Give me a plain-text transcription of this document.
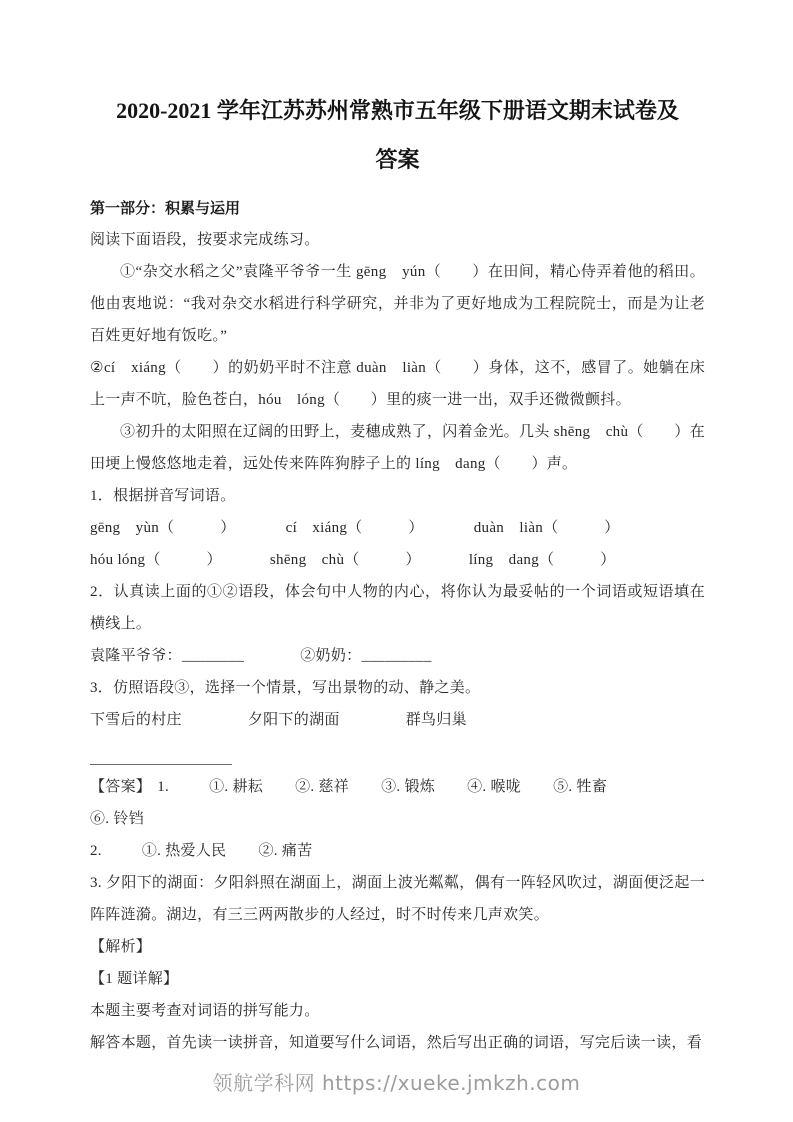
2020-2021 学年江苏苏州常熟市五年级下册语文期末试卷及
答案

第一部分：积累与运用

阅读下面语段，按要求完成练习。

①“杂交水稻之父”袁隆平爷爷一生 gēng　yún（　　）在田间，精心侍弄着他的稻田。他由衷地说：“我对杂交水稻进行科学研究，并非为了更好地成为工程院院士，而是为让老百姓更好地有饭吃。”

②cí　xiáng（　　）的奶奶平时不注意 duàn　liàn（　　）身体，这不，感冒了。她躺在床上一声不吭，脸色苍白，hóu　lóng（　　）里的痰一进一出，双手还微微颤抖。

③初升的太阳照在辽阔的田野上，麦穗成熟了，闪着金光。几头 shēng　chù（　　）在田埂上慢悠悠地走着，远处传来阵阵狗脖子上的 líng　dang（　　）声。

1．根据拼音写词语。

gēng　yùn（　　　）	cí　xiáng（　　　）	duàn　liàn（　　　）

hóu lóng（　　　）	shēng　chù（　　　）	líng　dang（　　　）

2．认真读上面的①②语段，体会句中人物的内心，将你认为最妥帖的一个词语或短语填在横线上。

袁隆平爷爷：________	②奶奶：_________

3．仿照语段③，选择一个情景，写出景物的动、静之美。

下雪后的村庄	夕阳下的湖面	群鸟归巢

【答案】 1.	①. 耕耘 ②. 慈祥 ③. 锻炼 ④. 喉咙 ⑤. 牲畜

⑥. 铃铛

2.	①. 热爱人民 ②. 痛苦

3. 夕阳下的湖面：夕阳斜照在湖面上，湖面上波光粼粼，偶有一阵轻风吹过，湖面便泛起一阵阵涟漪。湖边，有三三两两散步的人经过，时不时传来几声欢笑。

【解析】

【1 题详解】

本题主要考查对词语的拼写能力。

解答本题，首先读一读拼音，知道要写什么词语，然后写出正确的词语，写完后读一读，看

领航学科网 https://xueke.jmkzh.com
